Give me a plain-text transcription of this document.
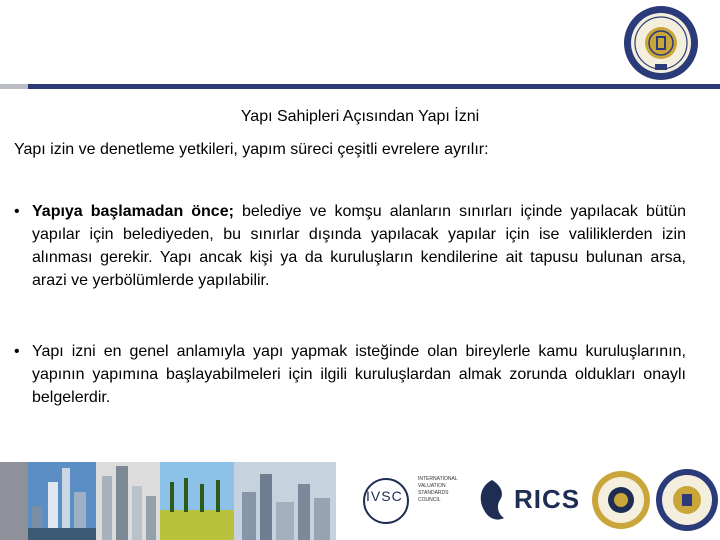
Yapı Sahipleri Açısından Yapı İzni
Yapı izin ve denetleme yetkileri, yapım süreci çeşitli evrelere ayrılır:
• Yapıya başlamadan önce; belediye ve komşu alanların sınırları içinde yapılacak bütün yapılar için belediyeden, bu sınırlar dışında yapılacak yapılar için ise valiliklerden izin alınması gerekir. Yapı ancak kişi ya da kuruluşların kendilerine ait tapusu bulunan arsa, arazi ve yerbölümlerde yapılabilir.
• Yapı izni en genel anlamıyla yapı yapmak isteğinde olan bireylerle kamu kuruluşlarının, yapının yapımına başlayabilmeleri için ilgili kuruluşlardan almak zorunda oldukları onaylı belgelerdir.
IVSC
INTERNATIONAL VALUATION STANDARDS COUNCIL	RICS
